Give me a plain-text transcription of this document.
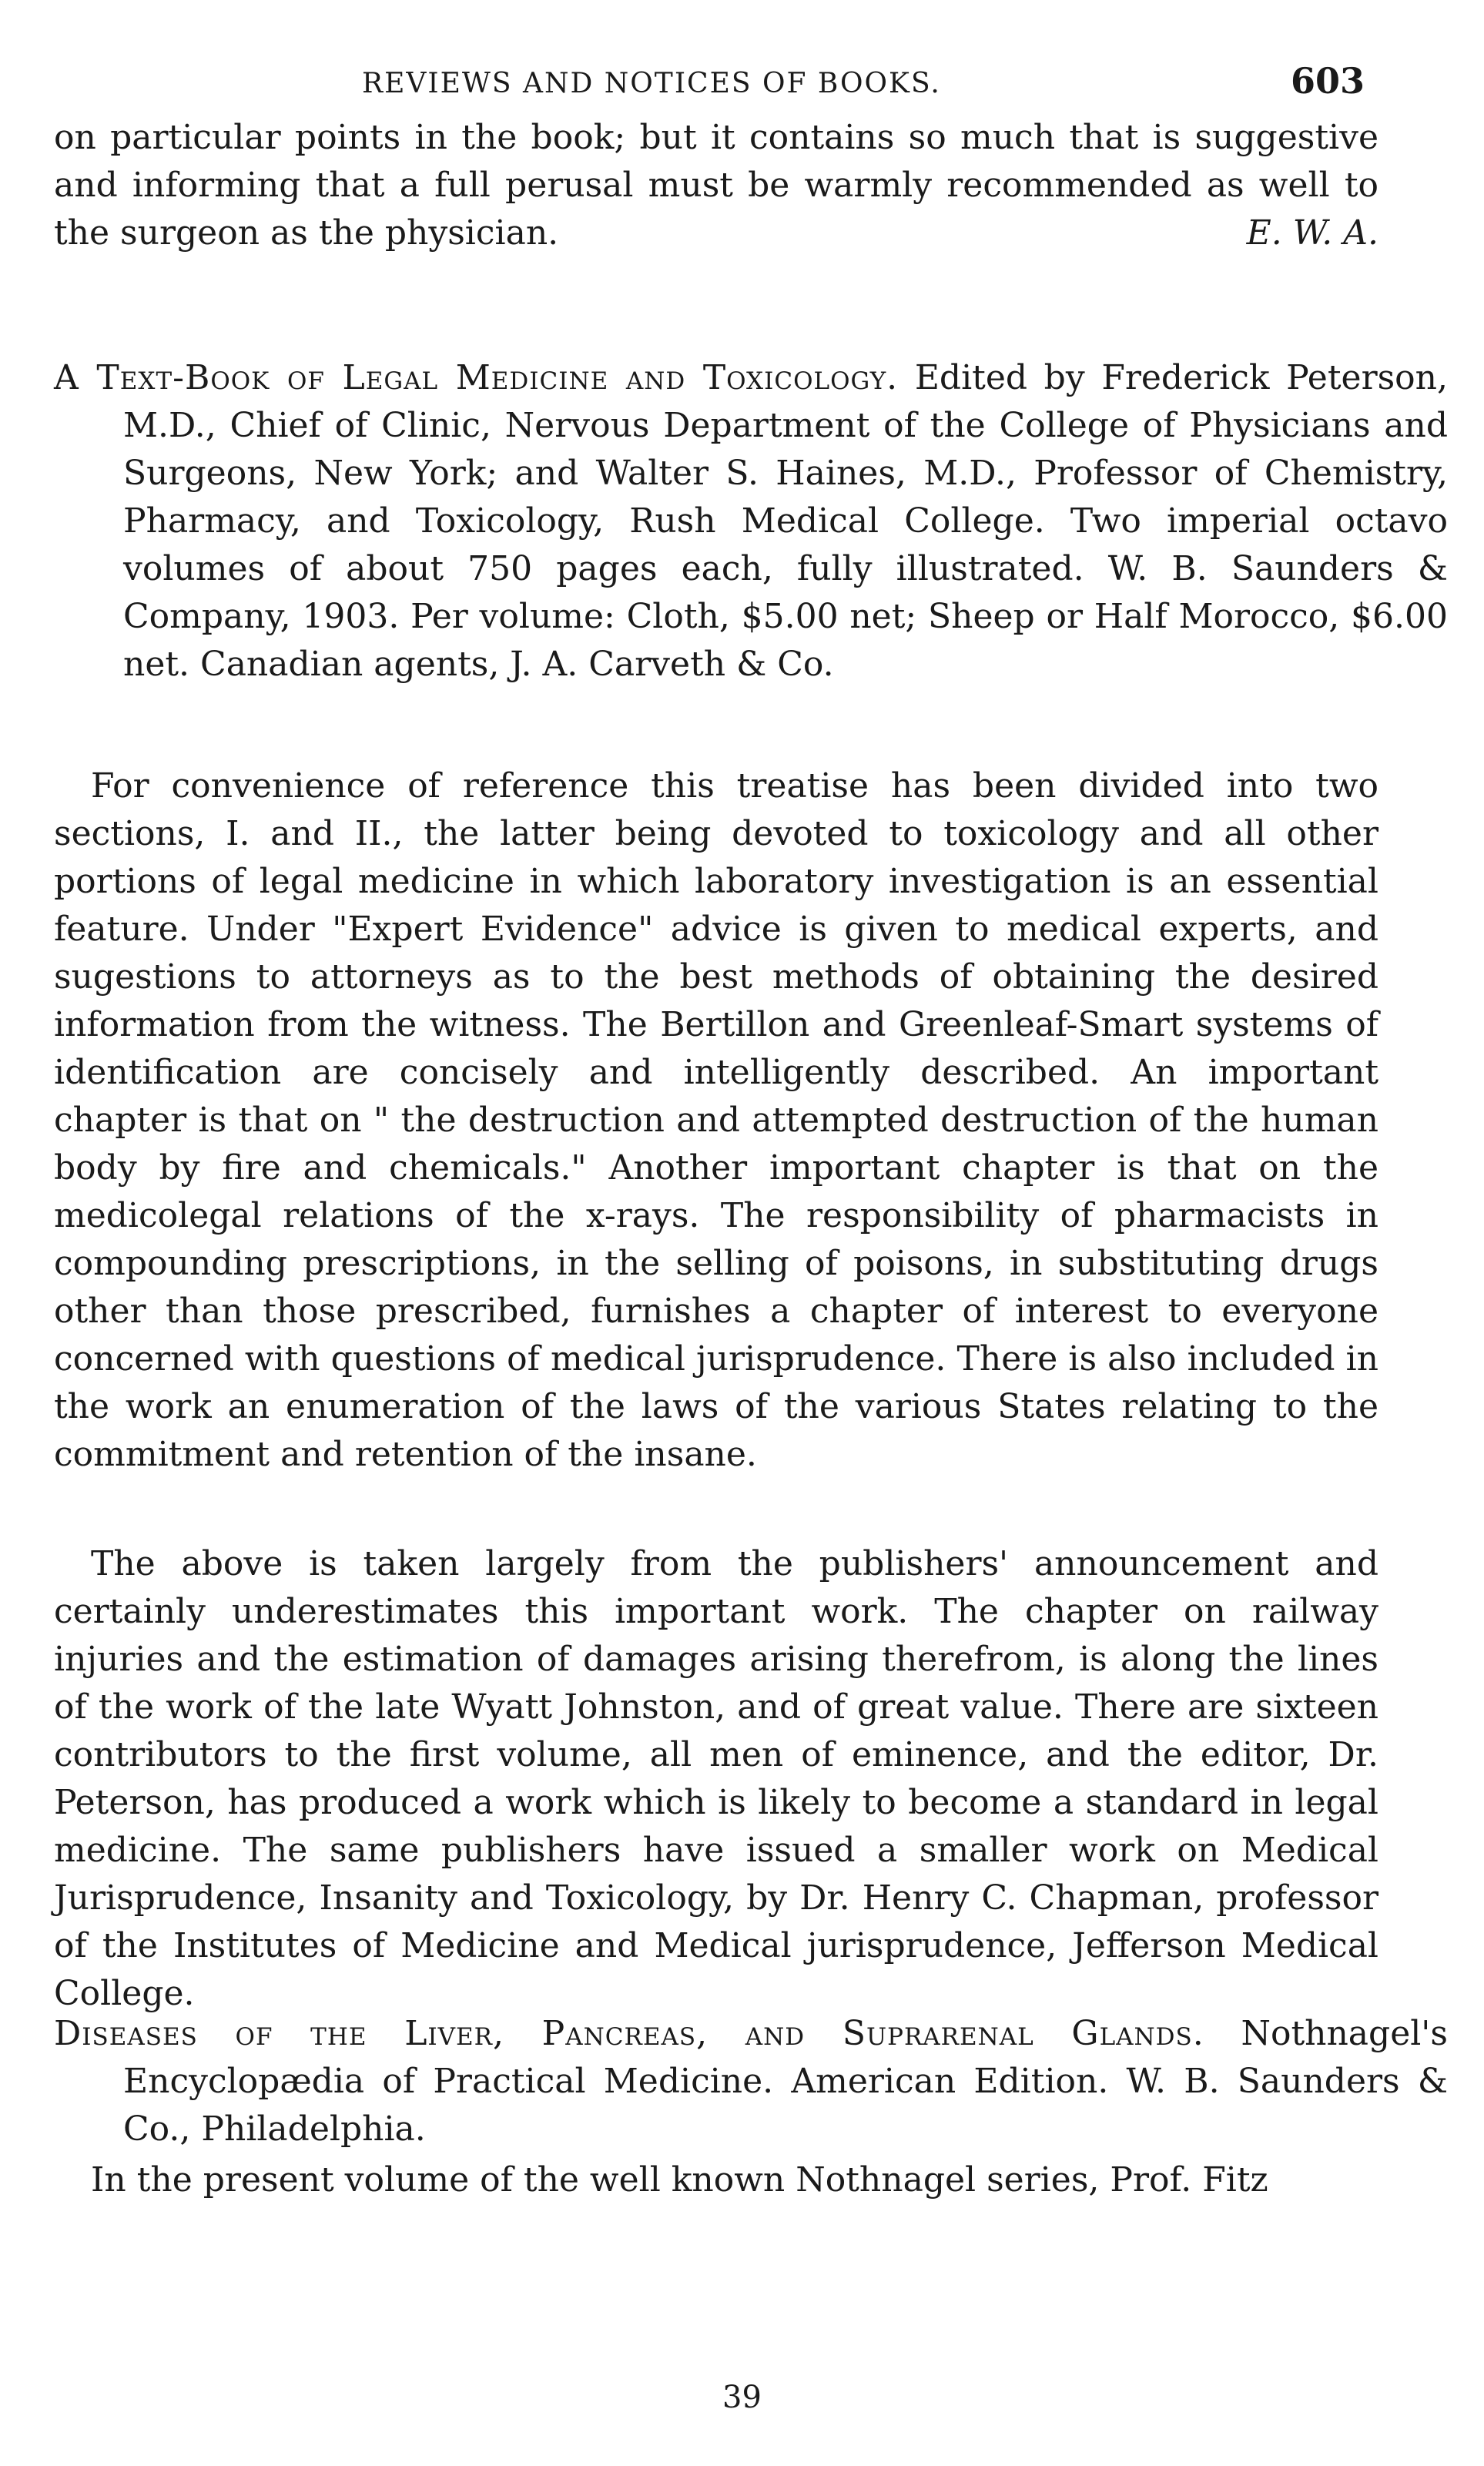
REVIEWS AND NOTICES OF BOOKS.	603
on particular points in the book; but it contains so much that is suggestive and informing that a full perusal must be warmly recommended as well to the surgeon as the physician.	E. W. A.
A Text-Book of Legal Medicine and Toxicology. Edited by Frederick Peterson, M.D., Chief of Clinic, Nervous Department of the College of Physicians and Surgeons, New York; and Walter S. Haines, M.D., Professor of Chemistry, Pharmacy, and Toxicology, Rush Medical College. Two imperial octavo volumes of about 750 pages each, fully illustrated. W. B. Saunders & Company, 1903. Per volume: Cloth, $5.00 net; Sheep or Half Morocco, $6.00 net. Canadian agents, J. A. Carveth & Co.
For convenience of reference this treatise has been divided into two sections, I. and II., the latter being devoted to toxicology and all other portions of legal medicine in which laboratory investigation is an essential feature. Under "Expert Evidence" advice is given to medical experts, and sugestions to attorneys as to the best methods of obtaining the desired information from the witness. The Bertillon and Greenleaf-Smart systems of identification are concisely and intelligently described. An important chapter is that on " the destruction and attempted destruction of the human body by fire and chemicals." Another important chapter is that on the medicolegal relations of the x-rays. The responsibility of pharmacists in compounding prescriptions, in the selling of poisons, in substituting drugs other than those prescribed, furnishes a chapter of interest to everyone concerned with questions of medical jurisprudence. There is also included in the work an enumeration of the laws of the various States relating to the commitment and retention of the insane.
The above is taken largely from the publishers' announcement and certainly underestimates this important work. The chapter on railway injuries and the estimation of damages arising therefrom, is along the lines of the work of the late Wyatt Johnston, and of great value. There are sixteen contributors to the first volume, all men of eminence, and the editor, Dr. Peterson, has produced a work which is likely to become a standard in legal medicine. The same publishers have issued a smaller work on Medical Jurisprudence, Insanity and Toxicology, by Dr. Henry C. Chapman, professor of the Institutes of Medicine and Medical jurisprudence, Jefferson Medical College.
Diseases of the Liver, Pancreas, and Suprarenal Glands. Nothnagel's Encyclopædia of Practical Medicine. American Edition. W. B. Saunders & Co., Philadelphia.
In the present volume of the well known Nothnagel series, Prof. Fitz
39
